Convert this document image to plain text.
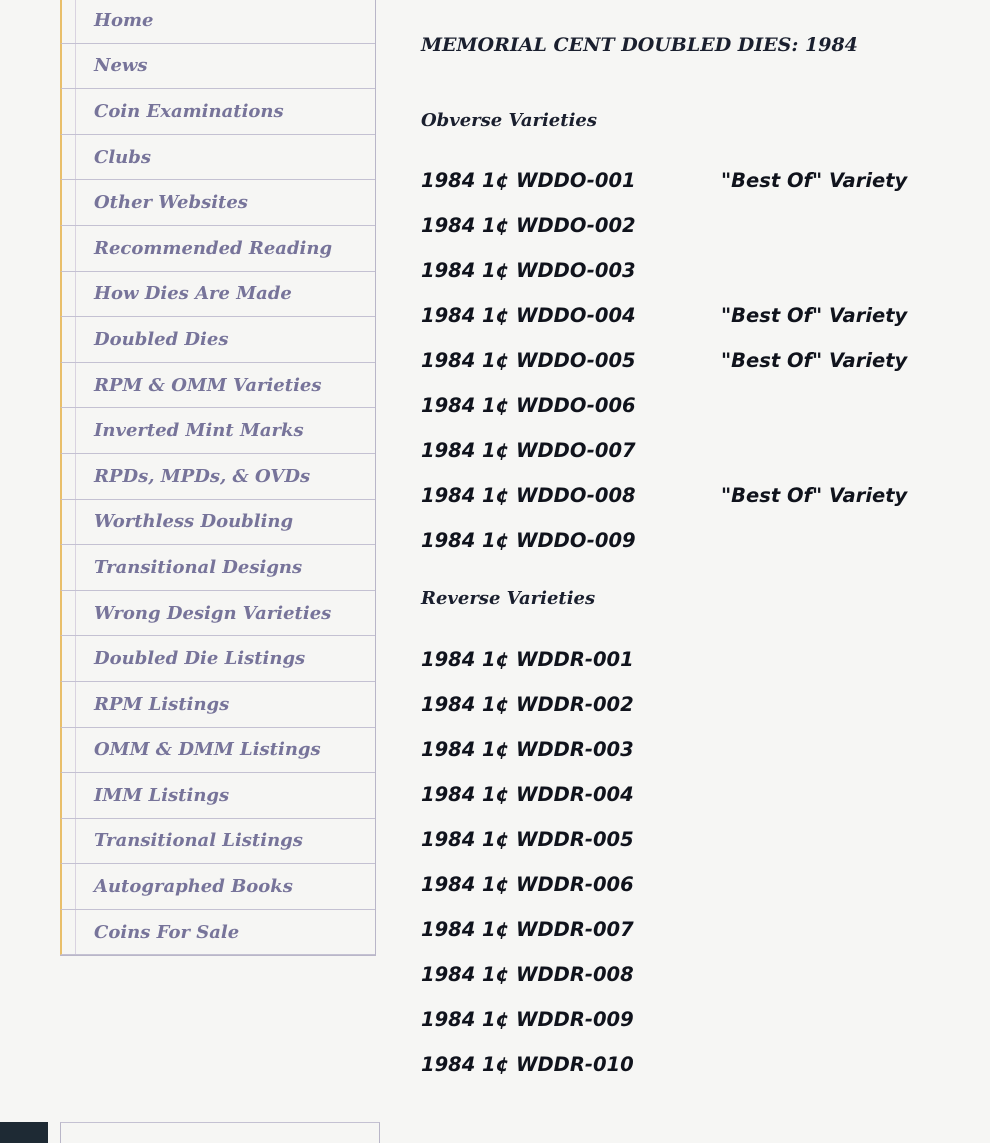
Home
News
Coin Examinations
Clubs
Other Websites
Recommended Reading
How Dies Are Made
Doubled Dies
RPM & OMM Varieties
Inverted Mint Marks
RPDs, MPDs, & OVDs
Worthless Doubling
Transitional Designs
Wrong Design Varieties
Doubled Die Listings
RPM Listings
OMM & DMM Listings
IMM Listings
Transitional Listings
Autographed Books
Coins For Sale
MEMORIAL CENT DOUBLED DIES: 1984
Obverse Varieties
1984 1¢ WDDO-001	"Best Of" Variety
1984 1¢ WDDO-002
1984 1¢ WDDO-003
1984 1¢ WDDO-004	"Best Of" Variety
1984 1¢ WDDO-005	"Best Of" Variety
1984 1¢ WDDO-006
1984 1¢ WDDO-007
1984 1¢ WDDO-008	"Best Of" Variety
1984 1¢ WDDO-009
Reverse Varieties
1984 1¢ WDDR-001
1984 1¢ WDDR-002
1984 1¢ WDDR-003
1984 1¢ WDDR-004
1984 1¢ WDDR-005
1984 1¢ WDDR-006
1984 1¢ WDDR-007
1984 1¢ WDDR-008
1984 1¢ WDDR-009
1984 1¢ WDDR-010
